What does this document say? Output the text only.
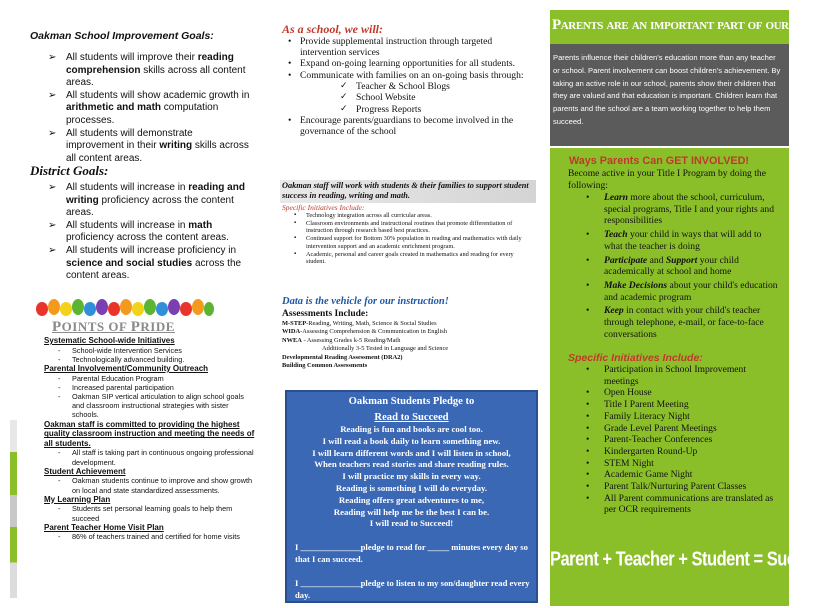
Oakman School Improvement Goals:
➢ All students will improve their reading comprehension skills across all content areas.
➢ All students will show academic growth in arithmetic and math computation processes.
➢ All students will demonstrate improvement in their writing skills across all content areas.
District Goals:
➢ All students will increase in reading and writing proficiency across the content areas.
➢ All students will increase in math proficiency across the content areas.
➢ All students will increase proficiency in science and social studies across the content areas.
POINTS OF PRIDE
Systematic School-wide Initiatives
- School-wide Intervention Services
- Technologically advanced building.
Parental Involvement/Community Outreach
- Parental Education Program
- Increased parental participation
- Oakman SIP vertical articulation to align school goals and classroom instructional strategies with sister schools.
Oakman staff is committed to providing the highest quality classroom instruction and meeting the needs of all students.
- All staff is taking part in continuous ongoing professional development.
Student Achievement
- Oakman students continue to improve and show growth on local and state standardized assessments.
My Learning Plan
- Students set personal learning goals to help them succeed
Parent Teacher Home Visit Plan
- 86% of teachers trained and certified for home visits
As a school, we will:
• Provide supplemental instruction through targeted intervention services
• Expand on-going learning opportunities for all students.
• Communicate with families on an on-going basis through:
✓ Teacher & School Blogs
✓ School Website
✓ Progress Reports
• Encourage parents/guardians to become involved in the governance of the school
Oakman staff will work with students & their families to support student success in reading, writing and math.
Specific Initiatives Include:
▪ Technology integration across all curricular areas.
▪ Classroom environments and instructional routines that promote differentiation of instruction through research based best practices.
▪ Continued support for Bottom 30% population in reading and mathematics with daily intervention support and an academic enrichment program.
▪ Academic, personal and career goals created in mathematics and reading for every student.
Data is the vehicle for our instruction!
Assessments Include:
M-STEP-Reading, Writing, Math, Science & Social Studies
WIDA-Assessing Comprehension & Communication in English
NWEA - Assessing Grades k-5 Reading/Math
Additionally 3-5 Tested in Language and Science
Developmental Reading Assessment (DRA2)
Building Common Assessments
Oakman Students Pledge to
Read to Succeed
Reading is fun and books are cool too.
I will read a book daily to learn something new.
I will learn different words and I will listen in school,
When teachers read stories and share reading rules.
I will practice my skills in every way.
Reading is something I will do everyday.
Reading offers great adventures to me,
Reading will help me be the best I can be.
I will read to Succeed!
I ______________pledge to read for _____ minutes every day so that I can succeed.
I ______________pledge to listen to my son/daughter read every day.
Parents are an important part of our team!
Parents influence their children's education more than any teacher or school. Parent involvement can boost children's achievement. By taking an active role in our school, parents show their children that they are valued and that education is important. Children learn that parents and the school are a team working together to help them succeed.
Ways Parents Can GET INVOLVED!
Become active in your Title I Program by doing the following:
• Learn more about the school, curriculum, special programs, Title I and your rights and responsibilities
• Teach your child in ways that will add to what the teacher is doing
• Participate and Support your child academically at school and home
• Make Decisions about your child's education and academic program
• Keep in contact with your child's teacher through telephone, e-mail, or face-to-face conversations
Specific Initiatives Include:
• Participation in School Improvement meetings
• Open House
• Title I Parent Meeting
• Family Literacy Night
• Grade Level Parent Meetings
• Parent-Teacher Conferences
• Kindergarten Round-Up
• STEM Night
• Academic Game Night
• Parent Talk/Nurturing Parent Classes
• All Parent communications are translated as per OCR requirements
Parent + Teacher + Student = Success
